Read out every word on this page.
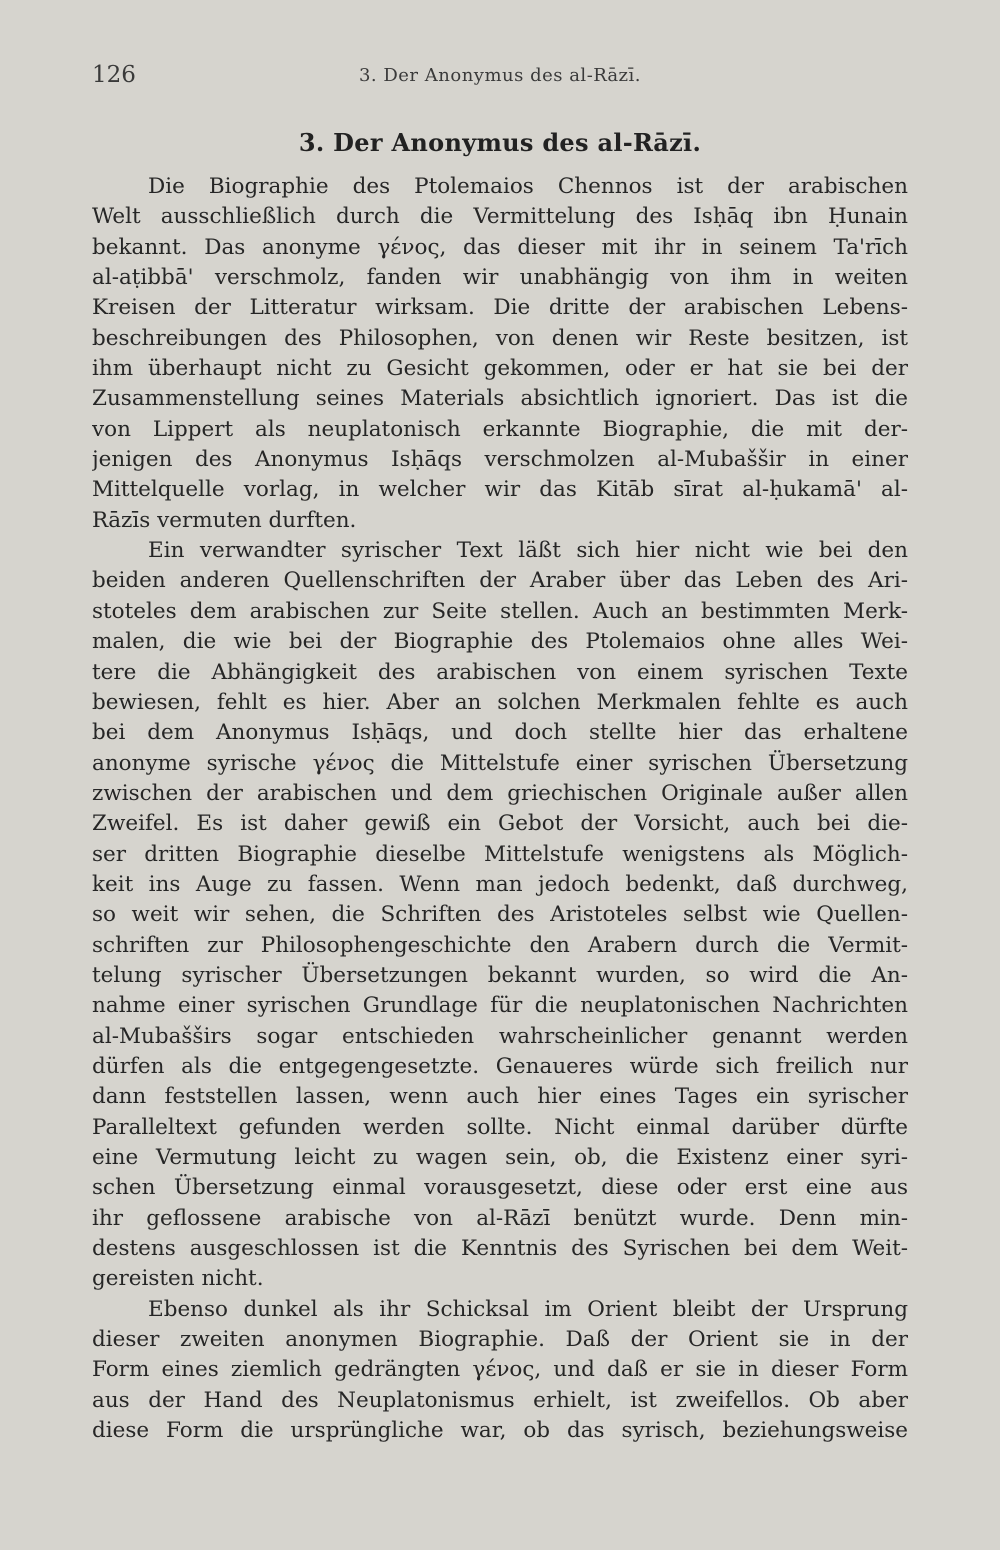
126	3. Der Anonymus des al-Rāzī.
3. Der Anonymus des al-Rāzī.
Die Biographie des Ptolemaios Chennos ist der arabischen
Welt ausschließlich durch die Vermittelung des Isḥāq ibn Ḥunain
bekannt. Das anonyme γένος, das dieser mit ihr in seinem Ta'rīch
al-aṭibbā' verschmolz, fanden wir unabhängig von ihm in weiten
Kreisen der Litteratur wirksam. Die dritte der arabischen Lebens-
beschreibungen des Philosophen, von denen wir Reste besitzen, ist
ihm überhaupt nicht zu Gesicht gekommen, oder er hat sie bei der
Zusammenstellung seines Materials absichtlich ignoriert. Das ist die
von Lippert als neuplatonisch erkannte Biographie, die mit der-
jenigen des Anonymus Isḥāqs verschmolzen al-Mubaššir in einer
Mittelquelle vorlag, in welcher wir das Kitāb sīrat al-ḥukamā' al-
Rāzīs vermuten durften.
Ein verwandter syrischer Text läßt sich hier nicht wie bei den
beiden anderen Quellenschriften der Araber über das Leben des Ari-
stoteles dem arabischen zur Seite stellen. Auch an bestimmten Merk-
malen, die wie bei der Biographie des Ptolemaios ohne alles Wei-
tere die Abhängigkeit des arabischen von einem syrischen Texte
bewiesen, fehlt es hier. Aber an solchen Merkmalen fehlte es auch
bei dem Anonymus Isḥāqs, und doch stellte hier das erhaltene
anonyme syrische γένος die Mittelstufe einer syrischen Übersetzung
zwischen der arabischen und dem griechischen Originale außer allen
Zweifel. Es ist daher gewiß ein Gebot der Vorsicht, auch bei die-
ser dritten Biographie dieselbe Mittelstufe wenigstens als Möglich-
keit ins Auge zu fassen. Wenn man jedoch bedenkt, daß durchweg,
so weit wir sehen, die Schriften des Aristoteles selbst wie Quellen-
schriften zur Philosophengeschichte den Arabern durch die Vermit-
telung syrischer Übersetzungen bekannt wurden, so wird die An-
nahme einer syrischen Grundlage für die neuplatonischen Nachrichten
al-Mubašširs sogar entschieden wahrscheinlicher genannt werden
dürfen als die entgegengesetzte. Genaueres würde sich freilich nur
dann feststellen lassen, wenn auch hier eines Tages ein syrischer
Paralleltext gefunden werden sollte. Nicht einmal darüber dürfte
eine Vermutung leicht zu wagen sein, ob, die Existenz einer syri-
schen Übersetzung einmal vorausgesetzt, diese oder erst eine aus
ihr geflossene arabische von al-Rāzī benützt wurde. Denn min-
destens ausgeschlossen ist die Kenntnis des Syrischen bei dem Weit-
gereisten nicht.
Ebenso dunkel als ihr Schicksal im Orient bleibt der Ursprung
dieser zweiten anonymen Biographie. Daß der Orient sie in der
Form eines ziemlich gedrängten γένος, und daß er sie in dieser Form
aus der Hand des Neuplatonismus erhielt, ist zweifellos. Ob aber
diese Form die ursprüngliche war, ob das syrisch, beziehungsweise
